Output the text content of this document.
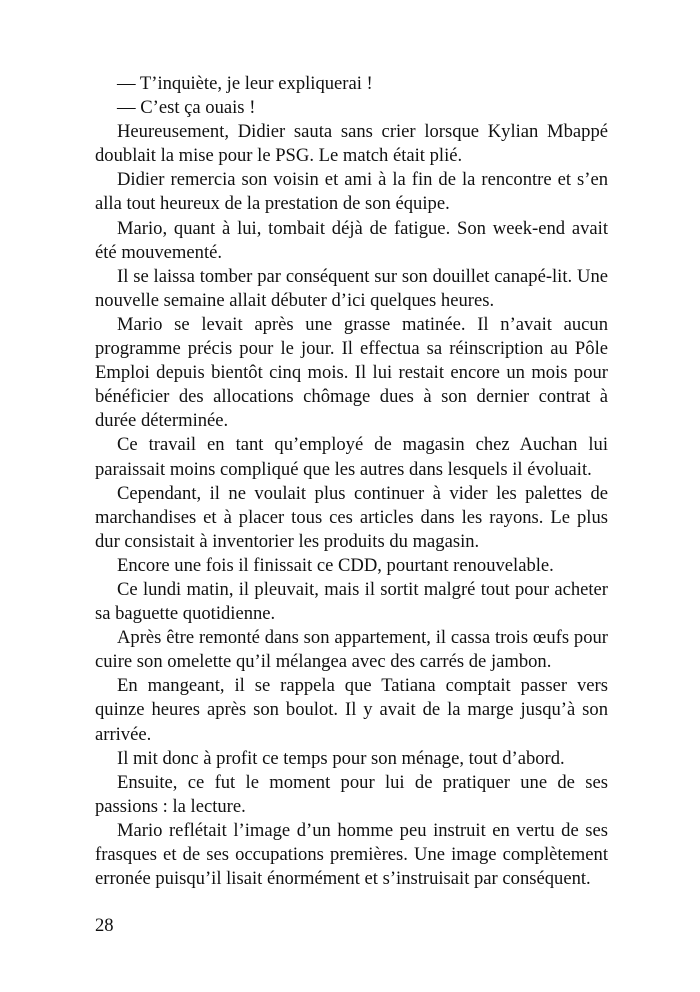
— T’inquiète, je leur expliquerai !

— C’est ça ouais !

Heureusement, Didier sauta sans crier lorsque Kylian Mbappé doublait la mise pour le PSG. Le match était plié.

Didier remercia son voisin et ami à la fin de la rencontre et s’en alla tout heureux de la prestation de son équipe.

Mario, quant à lui, tombait déjà de fatigue. Son week-end avait été mouvementé.

Il se laissa tomber par conséquent sur son douillet canapé-lit. Une nouvelle semaine allait débuter d’ici quelques heures.

Mario se levait après une grasse matinée. Il n’avait aucun programme précis pour le jour. Il effectua sa réinscription au Pôle Emploi depuis bientôt cinq mois. Il lui restait encore un mois pour bénéficier des allocations chômage dues à son dernier contrat à durée déterminée.

Ce travail en tant qu’employé de magasin chez Auchan lui paraissait moins compliqué que les autres dans lesquels il évoluait.

Cependant, il ne voulait plus continuer à vider les palettes de marchandises et à placer tous ces articles dans les rayons. Le plus dur consistait à inventorier les produits du magasin.

Encore une fois il finissait ce CDD, pourtant renouvelable.

Ce lundi matin, il pleuvait, mais il sortit malgré tout pour acheter sa baguette quotidienne.

Après être remonté dans son appartement, il cassa trois œufs pour cuire son omelette qu’il mélangea avec des carrés de jambon.

En mangeant, il se rappela que Tatiana comptait passer vers quinze heures après son boulot. Il y avait de la marge jusqu’à son arrivée.

Il mit donc à profit ce temps pour son ménage, tout d’abord.

Ensuite, ce fut le moment pour lui de pratiquer une de ses passions : la lecture.

Mario reflétait l’image d’un homme peu instruit en vertu de ses frasques et de ses occupations premières. Une image complètement erronée puisqu’il lisait énormément et s’instruisait par conséquent.

28
